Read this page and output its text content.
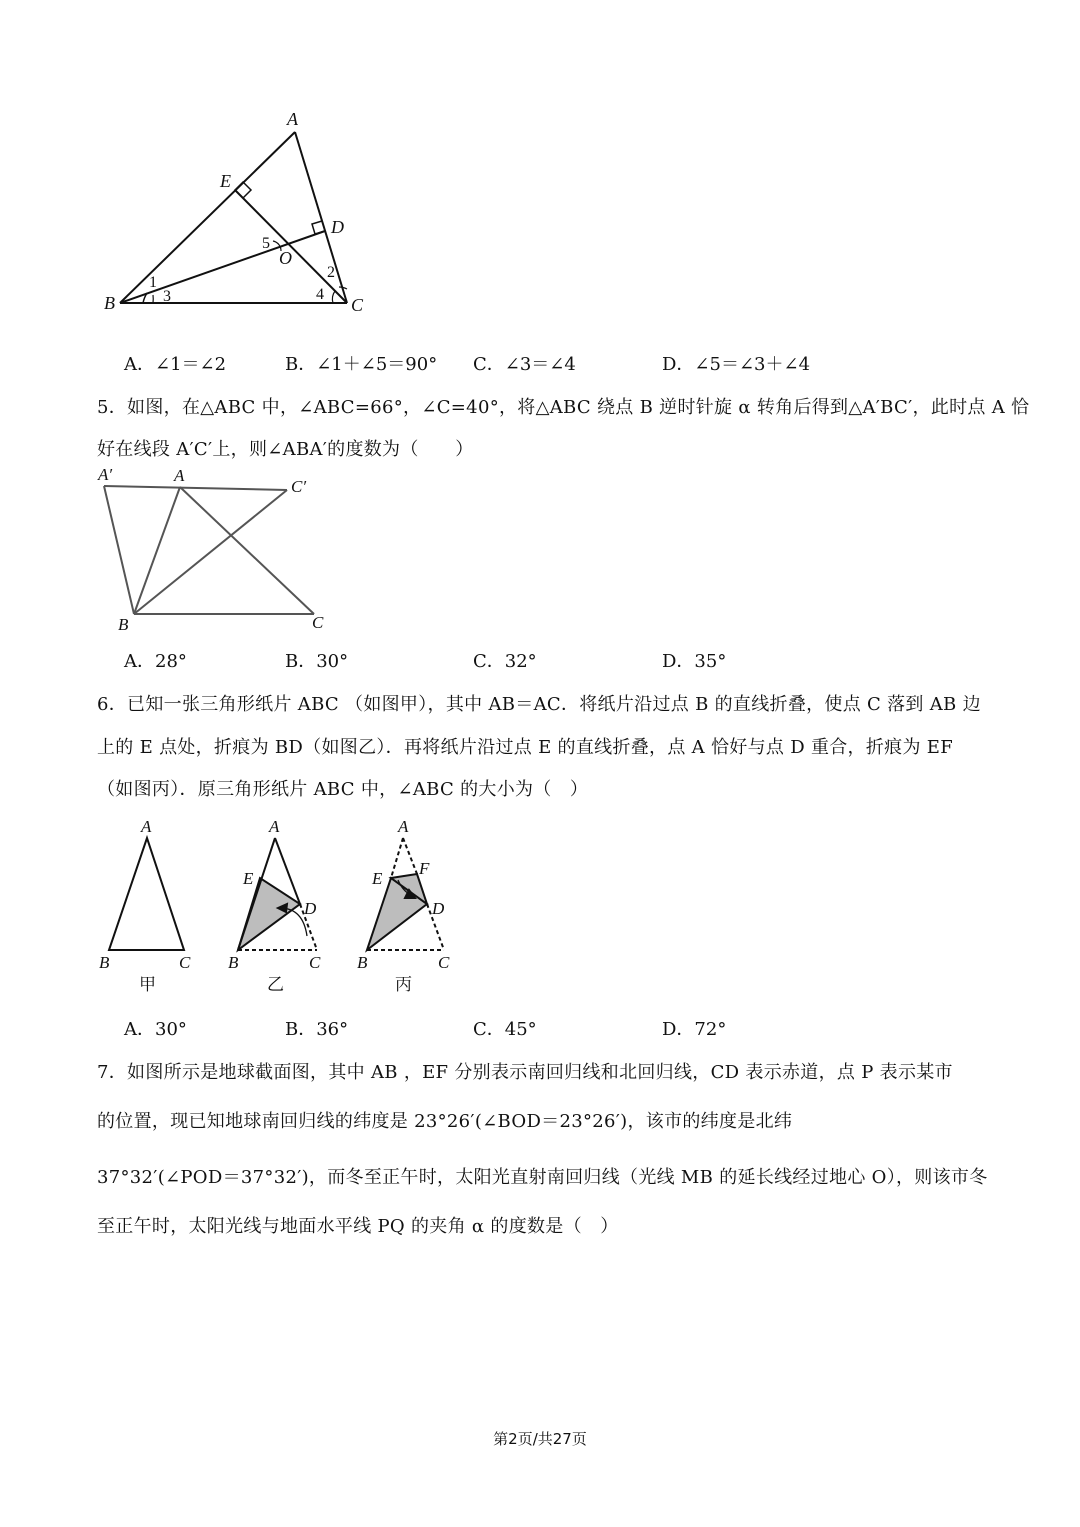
A
E
D
O
B	C
1
2
3	4
5
A．∠1＝∠2	B．∠1＋∠5＝90° C．∠3＝∠4	D．∠5＝∠3＋∠4
5．如图，在△ABC 中，∠ABC=66°，∠C=40°，将△ABC 绕点 B 逆时针旋 α 转角后得到△A′BC′，此时点 A 恰
好在线段 A′C′上，则∠ABA′的度数为（　　）
A′	A
C′
B	C
A．28°	B．30°	C．32°	D．35°
6．已知一张三角形纸片 ABC （如图甲），其中 AB＝AC．将纸片沿过点 B 的直线折叠，使点 C 落到 AB 边
上的 E 点处，折痕为 BD（如图乙）．再将纸片沿过点 E 的直线折叠，点 A 恰好与点 D 重合，折痕为 EF
（如图丙）．原三角形纸片 ABC 中，∠ABC 的大小为（　）
A
B	C
甲
A
E
D
B	C
乙
A
E
F
D
B	C
丙
A．30°	B．36°	C．45°	D．72°
7．如图所示是地球截面图，其中 AB ，EF 分别表示南回归线和北回归线，CD 表示赤道，点 P 表示某市
的位置，现已知地球南回归线的纬度是 23°26′(∠BOD＝23°26′)，该市的纬度是北纬
37°32′(∠POD＝37°32′)，而冬至正午时，太阳光直射南回归线（光线 MB 的延长线经过地心 O），则该市冬
至正午时，太阳光线与地面水平线 PQ 的夹角 α 的度数是（　）
第2页/共27页
